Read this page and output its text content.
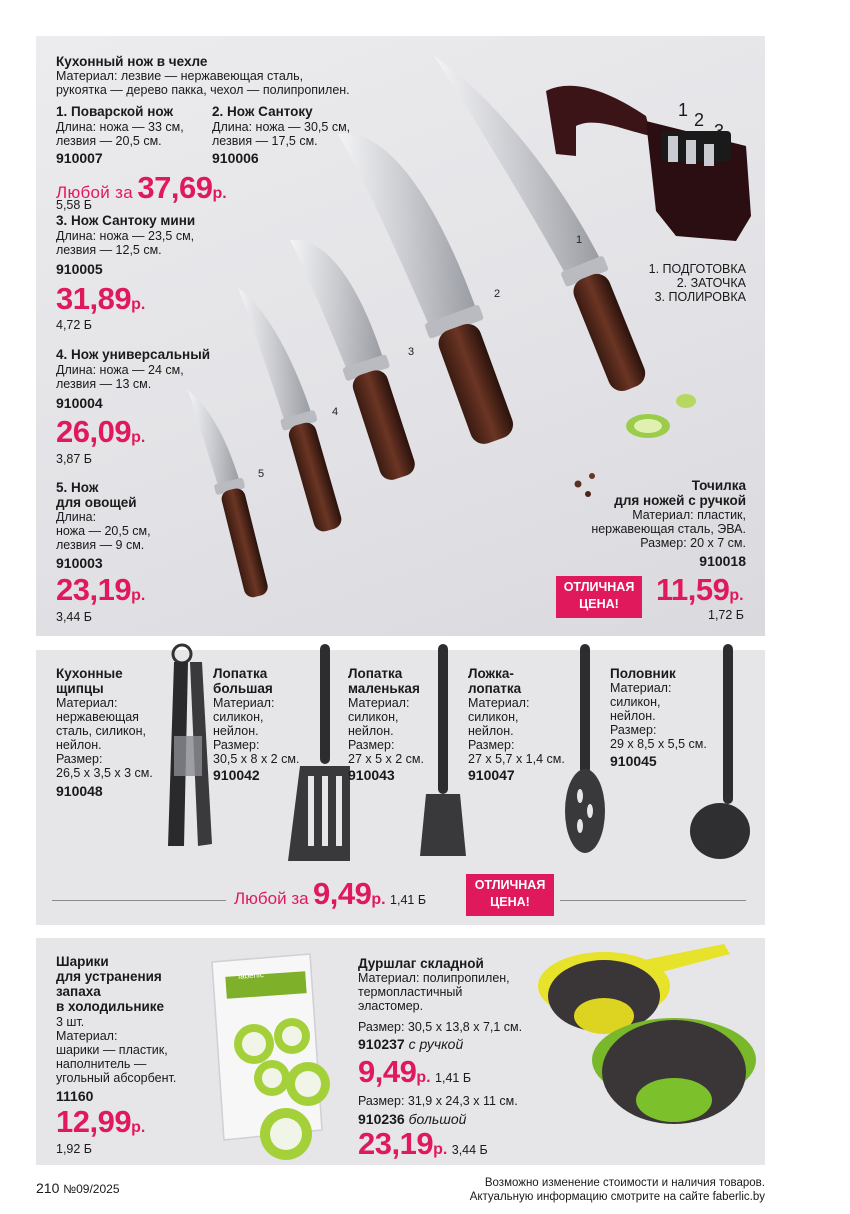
1
2
3
4
5
1 2
3
Кухонный нож в чехле
Материал: лезвие — нержавеющая сталь,
рукоятка — дерево пакка, чехол — полипропилен.
1. Поварской нож
Длина: ножа — 33 см,
лезвия — 20,5 см.
910007
2. Нож Сантоку
Длина: ножа — 30,5 см,
лезвия — 17,5 см.
910006
Любой за 37,69р.
5,58 Б
3. Нож Сантоку мини
Длина: ножа — 23,5 см,
лезвия — 12,5 см.
910005
31,89р.
4,72 Б
4. Нож универсальный
Длина: ножа — 24 см,
лезвия — 13 см.
910004
26,09р.
3,87 Б
5. Нож
для овощей
Длина:
ножа — 20,5 см,
лезвия — 9 см.
910003
23,19р.
3,44 Б
1. ПОДГОТОВКА
2. ЗАТОЧКА
3. ПОЛИРОВКА
Точилка
для ножей с ручкой
Материал: пластик,
нержавеющая сталь, ЭВА.
Размер: 20 х 7 см.
910018
ОТЛИЧНАЯ
ЦЕНА!	11,59р.
1,72 Б
Кухонные
щипцы
Материал:
нержавеющая
сталь, силикон,
нейлон.
Размер:
26,5 х 3,5 х 3 см.
910048
Лопатка
большая
Материал:
силикон,
нейлон.
Размер:
30,5 х 8 х 2 см.
910042
Лопатка
маленькая
Материал:
силикон,
нейлон.
Размер:
27 х 5 х 2 см.
910043
Ложка-
лопатка
Материал:
силикон,
нейлон.
Размер:
27 х 5,7 х 1,4 см.
910047
Половник
Материал:
силикон,
нейлон.
Размер:
29 х 8,5 х 5,5 см.
910045
Любой за 9,49р. 1,41 Б
ОТЛИЧНАЯ
ЦЕНА!
faberlic
Шарики
для устранения
запаха
в холодильнике
3 шт.
Материал:
шарики — пластик,
наполнитель —
угольный абсорбент.
11160
12,99р.
1,92 Б
Дуршлаг складной
Материал: полипропилен,
термопластичный
эластомер.
Размер: 30,5 х 13,8 х 7,1 см.
910237 с ручкой
9,49р. 1,41 Б
Размер: 31,9 х 24,3 х 11 см.
910236 большой
23,19р. 3,44 Б
210 №09/2025	Возможно изменение стоимости и наличия товаров.
Актуальную информацию смотрите на сайте faberlic.by
